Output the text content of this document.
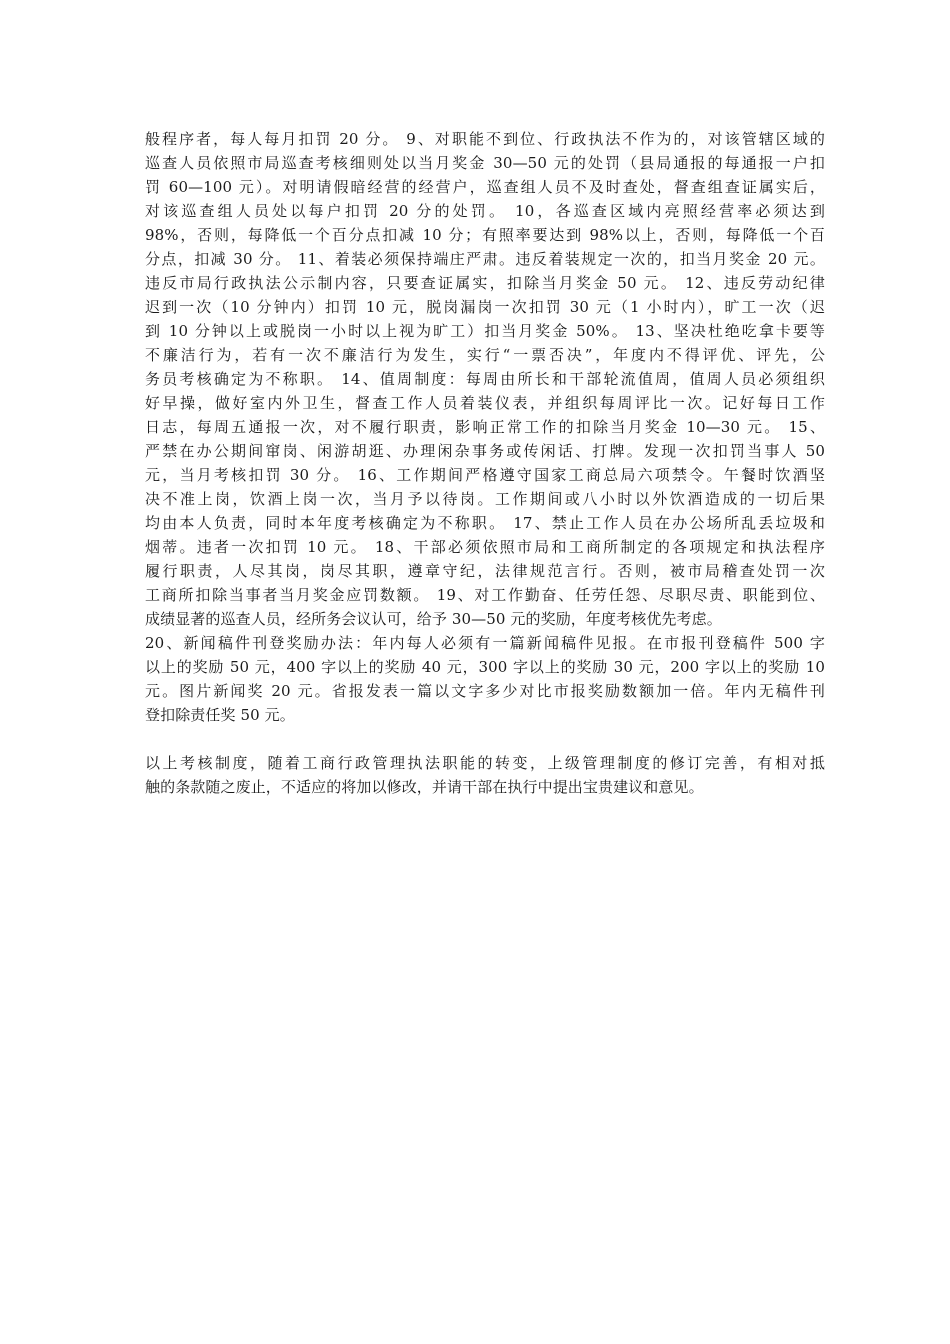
般程序者，每人每月扣罚 20 分。 9、对职能不到位、行政执法不作为的，对该管辖区域的
巡查人员依照市局巡查考核细则处以当月奖金 30—50 元的处罚（县局通报的每通报一户扣
罚 60—100 元）。对明请假暗经营的经营户，巡查组人员不及时查处，督查组查证属实后，
对该巡查组人员处以每户扣罚 20 分的处罚。 10，各巡查区域内亮照经营率必须达到
98%，否则，每降低一个百分点扣减 10 分；有照率要达到 98%以上，否则，每降低一个百
分点，扣减 30 分。 11、着装必须保持端庄严肃。违反着装规定一次的，扣当月奖金 20 元。
违反市局行政执法公示制内容，只要查证属实，扣除当月奖金 50 元。 12、违反劳动纪律
迟到一次（10 分钟内）扣罚 10 元，脱岗漏岗一次扣罚 30 元（1 小时内），旷工一次（迟
到 10 分钟以上或脱岗一小时以上视为旷工）扣当月奖金 50%。 13、坚决杜绝吃拿卡要等
不廉洁行为，若有一次不廉洁行为发生，实行“一票否决”，年度内不得评优、评先，公
务员考核确定为不称职。 14、值周制度：每周由所长和干部轮流值周，值周人员必须组织
好早操，做好室内外卫生，督查工作人员着装仪表，并组织每周评比一次。记好每日工作
日志，每周五通报一次，对不履行职责，影响正常工作的扣除当月奖金 10—30 元。 15、
严禁在办公期间窜岗、闲游胡逛、办理闲杂事务或传闲话、打牌。发现一次扣罚当事人 50
元，当月考核扣罚 30 分。 16、工作期间严格遵守国家工商总局六项禁令。午餐时饮酒坚
决不准上岗，饮酒上岗一次，当月予以待岗。工作期间或八小时以外饮酒造成的一切后果
均由本人负责，同时本年度考核确定为不称职。 17、禁止工作人员在办公场所乱丢垃圾和
烟蒂。违者一次扣罚 10 元。 18、干部必须依照市局和工商所制定的各项规定和执法程序
履行职责，人尽其岗，岗尽其职，遵章守纪，法律规范言行。否则，被市局稽查处罚一次
工商所扣除当事者当月奖金应罚数额。 19、对工作勤奋、任劳任怨、尽职尽责、职能到位、
成绩显著的巡查人员，经所务会议认可，给予 30—50 元的奖励，年度考核优先考虑。
20、新闻稿件刊登奖励办法：年内每人必须有一篇新闻稿件见报。在市报刊登稿件 500 字
以上的奖励 50 元，400 字以上的奖励 40 元，300 字以上的奖励 30 元，200 字以上的奖励 10
元。图片新闻奖 20 元。省报发表一篇以文字多少对比市报奖励数额加一倍。年内无稿件刊
登扣除责任奖 50 元。
以上考核制度，随着工商行政管理执法职能的转变，上级管理制度的修订完善，有相对抵
触的条款随之废止，不适应的将加以修改，并请干部在执行中提出宝贵建议和意见。
